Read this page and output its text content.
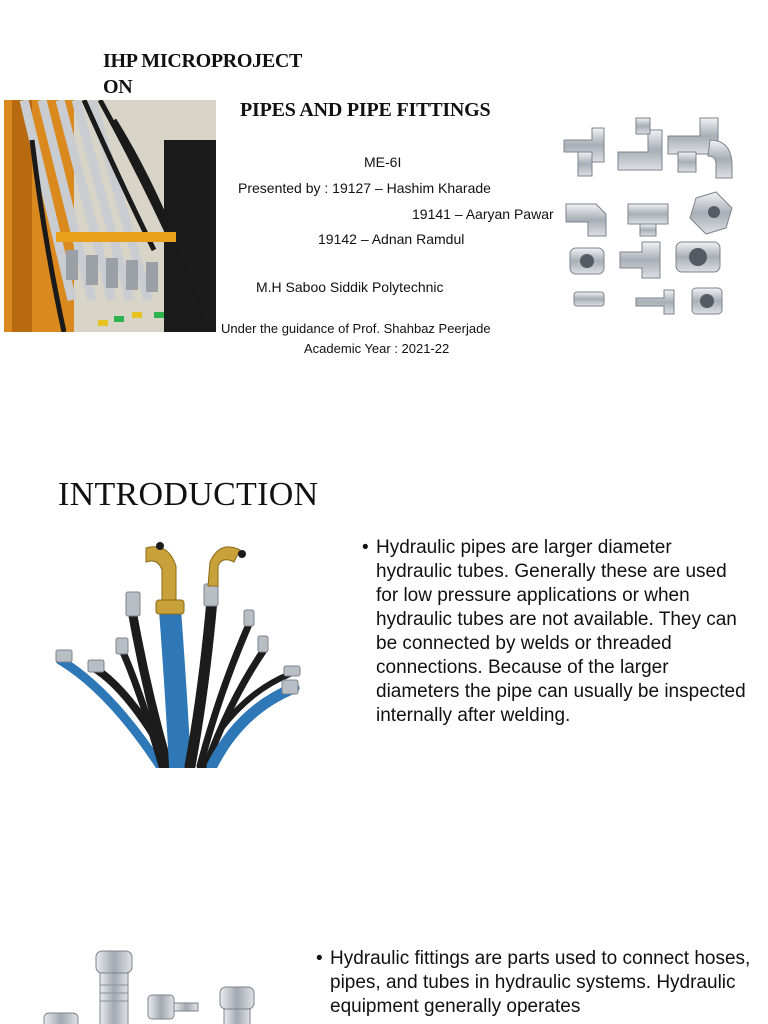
IHP MICROPROJECT
ON
PIPES AND PIPE FITTINGS
ME-6I
Presented by : 19127 – Hashim Kharade
19141 – Aaryan Pawar
19142 – Adnan Ramdul
M.H Saboo Siddik Polytechnic
Under the guidance of Prof. Shahbaz Peerjade
Academic Year : 2021-22
INTRODUCTION
• Hydraulic pipes are larger diameter hydraulic tubes. Generally these are used for low pressure applications or when hydraulic tubes are not available. They can be connected by welds or threaded connections. Because of the larger diameters the pipe can usually be inspected internally after welding.
• Hydraulic fittings are parts used to connect hoses, pipes, and tubes in hydraulic systems. Hydraulic equipment generally operates
